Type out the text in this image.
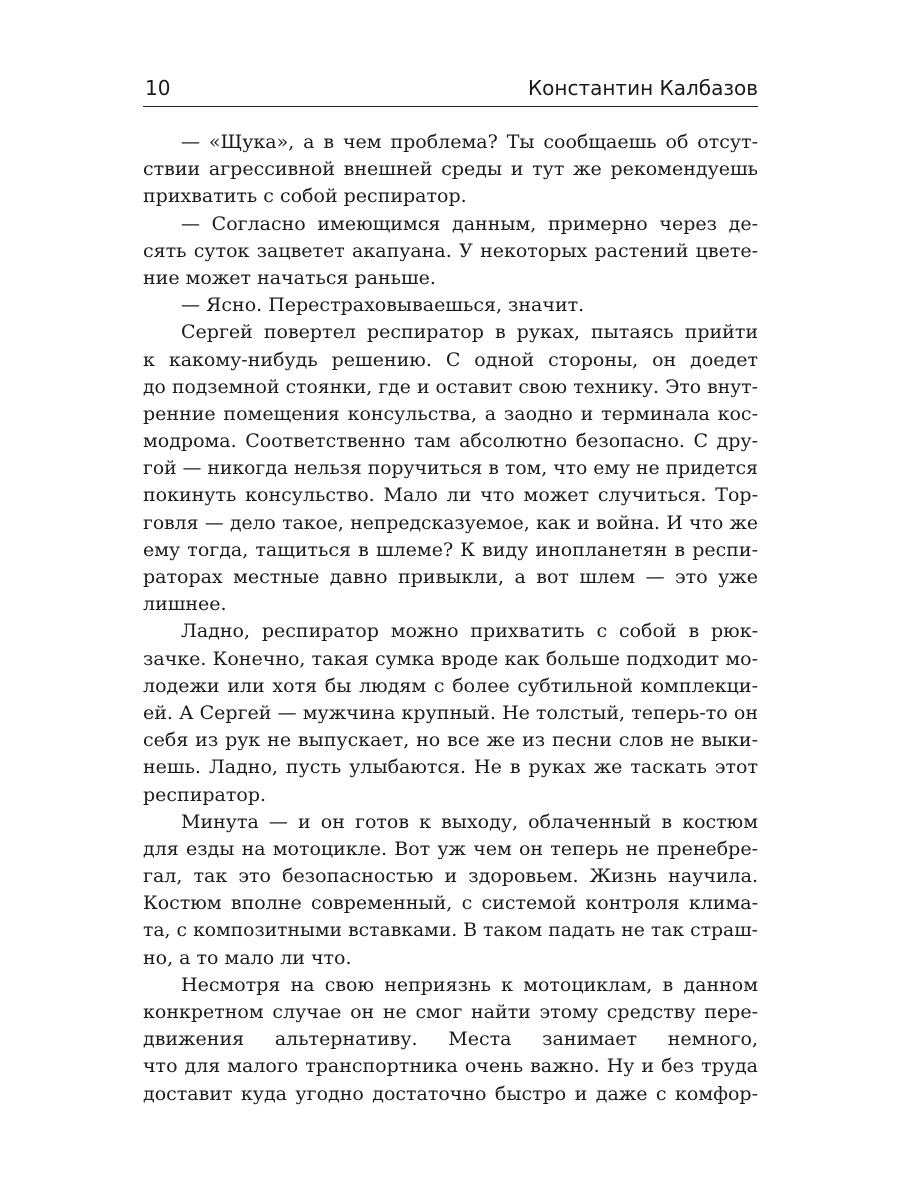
10	Константин Калбазов
— «Щука», а в чем проблема? Ты сообщаешь об отсут-
ствии агрессивной внешней среды и тут же рекомендуешь
прихватить с собой респиратор.
— Согласно имеющимся данным, примерно через де-
сять суток зацветет акапуана. У некоторых растений цвете-
ние может начаться раньше.
— Ясно. Перестраховываешься, значит.
Сергей повертел респиратор в руках, пытаясь прийти
к какому-нибудь решению. С одной стороны, он доедет
до подземной стоянки, где и оставит свою технику. Это внут-
ренние помещения консульства, а заодно и терминала кос-
модрома. Соответственно там абсолютно безопасно. С дру-
гой — никогда нельзя поручиться в том, что ему не придется
покинуть консульство. Мало ли что может случиться. Тор-
говля — дело такое, непредсказуемое, как и война. И что же
ему тогда, тащиться в шлеме? К виду инопланетян в респи-
раторах местные давно привыкли, а вот шлем — это уже
лишнее.
Ладно, респиратор можно прихватить с собой в рюк-
зачке. Конечно, такая сумка вроде как больше подходит мо-
лодежи или хотя бы людям с более субтильной комплекци-
ей. А Сергей — мужчина крупный. Не толстый, теперь-то он
себя из рук не выпускает, но все же из песни слов не выки-
нешь. Ладно, пусть улыбаются. Не в руках же таскать этот
респиратор.
Минута — и он готов к выходу, облаченный в костюм
для езды на мотоцикле. Вот уж чем он теперь не пренебре-
гал, так это безопасностью и здоровьем. Жизнь научила.
Костюм вполне современный, с системой контроля клима-
та, с композитными вставками. В таком падать не так страш-
но, а то мало ли что.
Несмотря на свою неприязнь к мотоциклам, в данном
конкретном случае он не смог найти этому средству пере-
движения альтернативу. Места занимает немного,
что для малого транспортника очень важно. Ну и без труда
доставит куда угодно достаточно быстро и даже с комфор-
